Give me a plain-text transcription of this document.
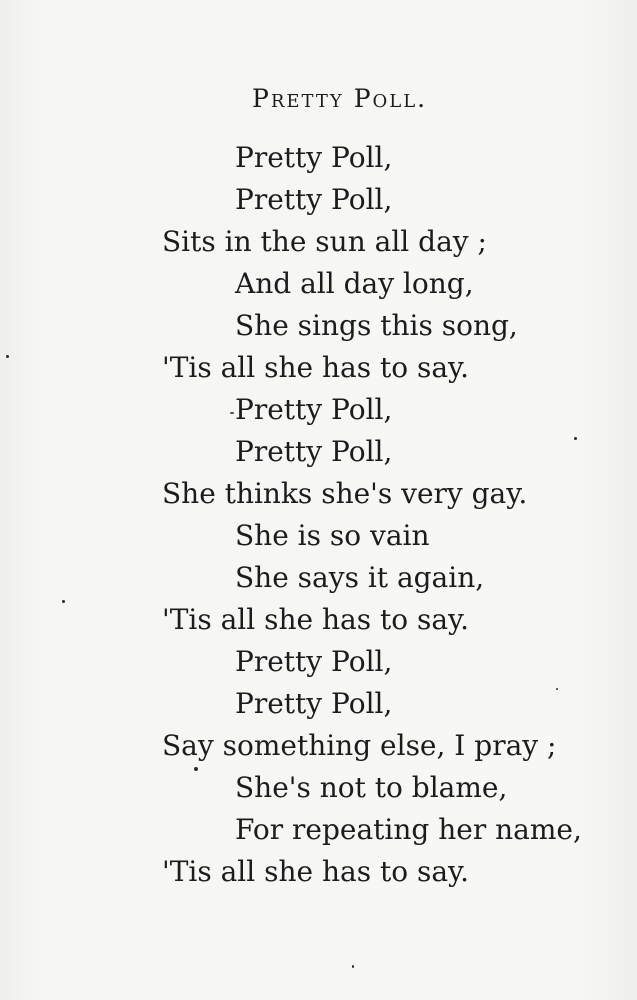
Pretty Poll.
Pretty Poll,
Pretty Poll,
Sits in the sun all day ;
And all day long,
She sings this song,
'Tis all she has to say.
Pretty Poll,
Pretty Poll,
She thinks she's very gay.
She is so vain
She says it again,
'Tis all she has to say.
Pretty Poll,
Pretty Poll,
Say something else, I pray ;
She's not to blame,
For repeating her name,
'Tis all she has to say.
